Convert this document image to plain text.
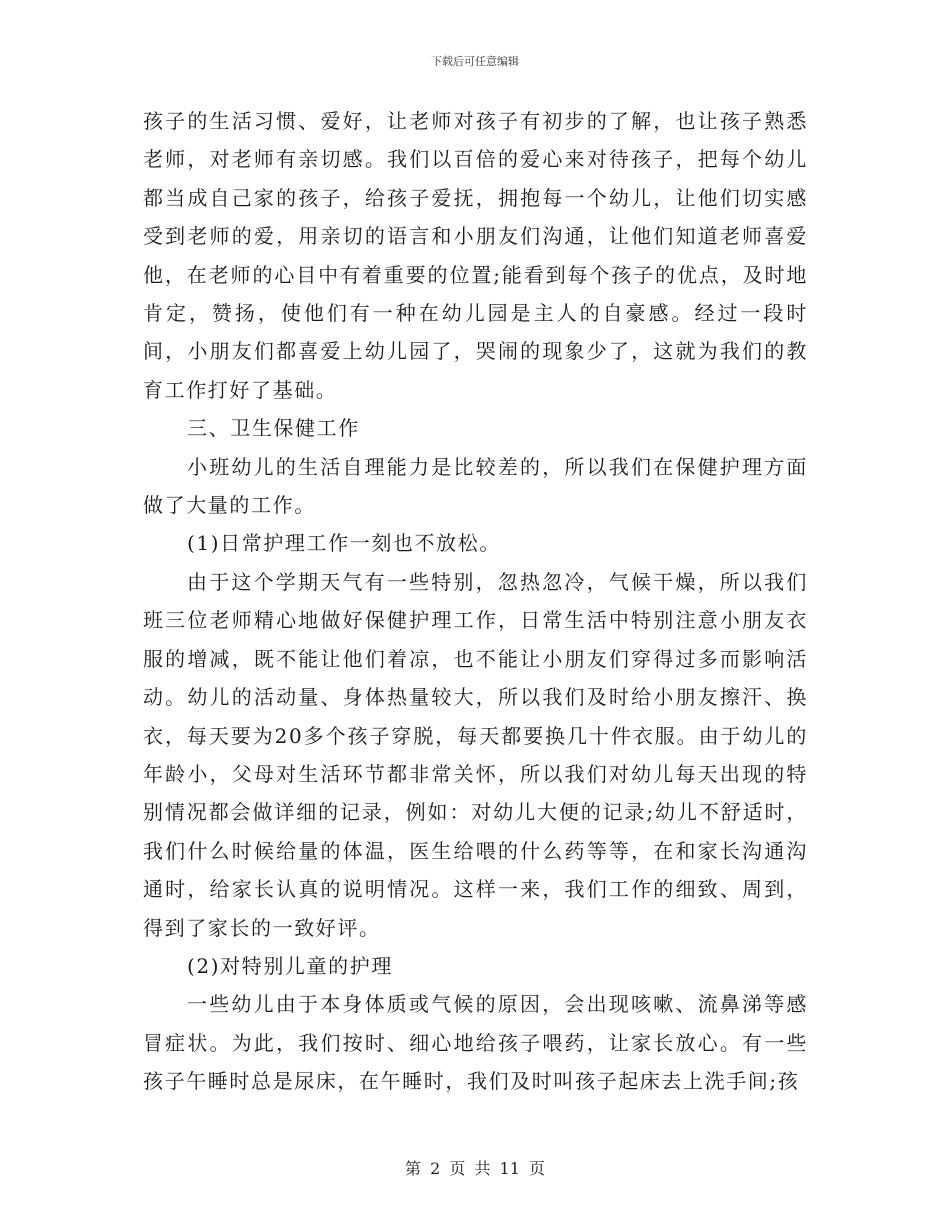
下载后可任意编辑

孩子的生活习惯、爱好，让老师对孩子有初步的了解，也让孩子熟悉老师，对老师有亲切感。我们以百倍的爱心来对待孩子，把每个幼儿都当成自己家的孩子，给孩子爱抚，拥抱每一个幼儿，让他们切实感受到老师的爱，用亲切的语言和小朋友们沟通，让他们知道老师喜爱他，在老师的心目中有着重要的位置;能看到每个孩子的优点，及时地肯定，赞扬，使他们有一种在幼儿园是主人的自豪感。经过一段时间，小朋友们都喜爱上幼儿园了，哭闹的现象少了，这就为我们的教育工作打好了基础。

三、卫生保健工作

小班幼儿的生活自理能力是比较差的，所以我们在保健护理方面做了大量的工作。

(1)日常护理工作一刻也不放松。

由于这个学期天气有一些特别，忽热忽冷，气候干燥，所以我们班三位老师精心地做好保健护理工作，日常生活中特别注意小朋友衣服的增减，既不能让他们着凉，也不能让小朋友们穿得过多而影响活动。幼儿的活动量、身体热量较大，所以我们及时给小朋友擦汗、换衣，每天要为20多个孩子穿脱，每天都要换几十件衣服。由于幼儿的年龄小，父母对生活环节都非常关怀，所以我们对幼儿每天出现的特别情况都会做详细的记录，例如：对幼儿大便的记录;幼儿不舒适时，我们什么时候给量的体温，医生给喂的什么药等等，在和家长沟通沟通时，给家长认真的说明情况。这样一来，我们工作的细致、周到，得到了家长的一致好评。

(2)对特别儿童的护理

一些幼儿由于本身体质或气候的原因，会出现咳嗽、流鼻涕等感冒症状。为此，我们按时、细心地给孩子喂药，让家长放心。有一些孩子午睡时总是尿床，在午睡时，我们及时叫孩子起床去上洗手间;孩

第 2 页 共 11 页
